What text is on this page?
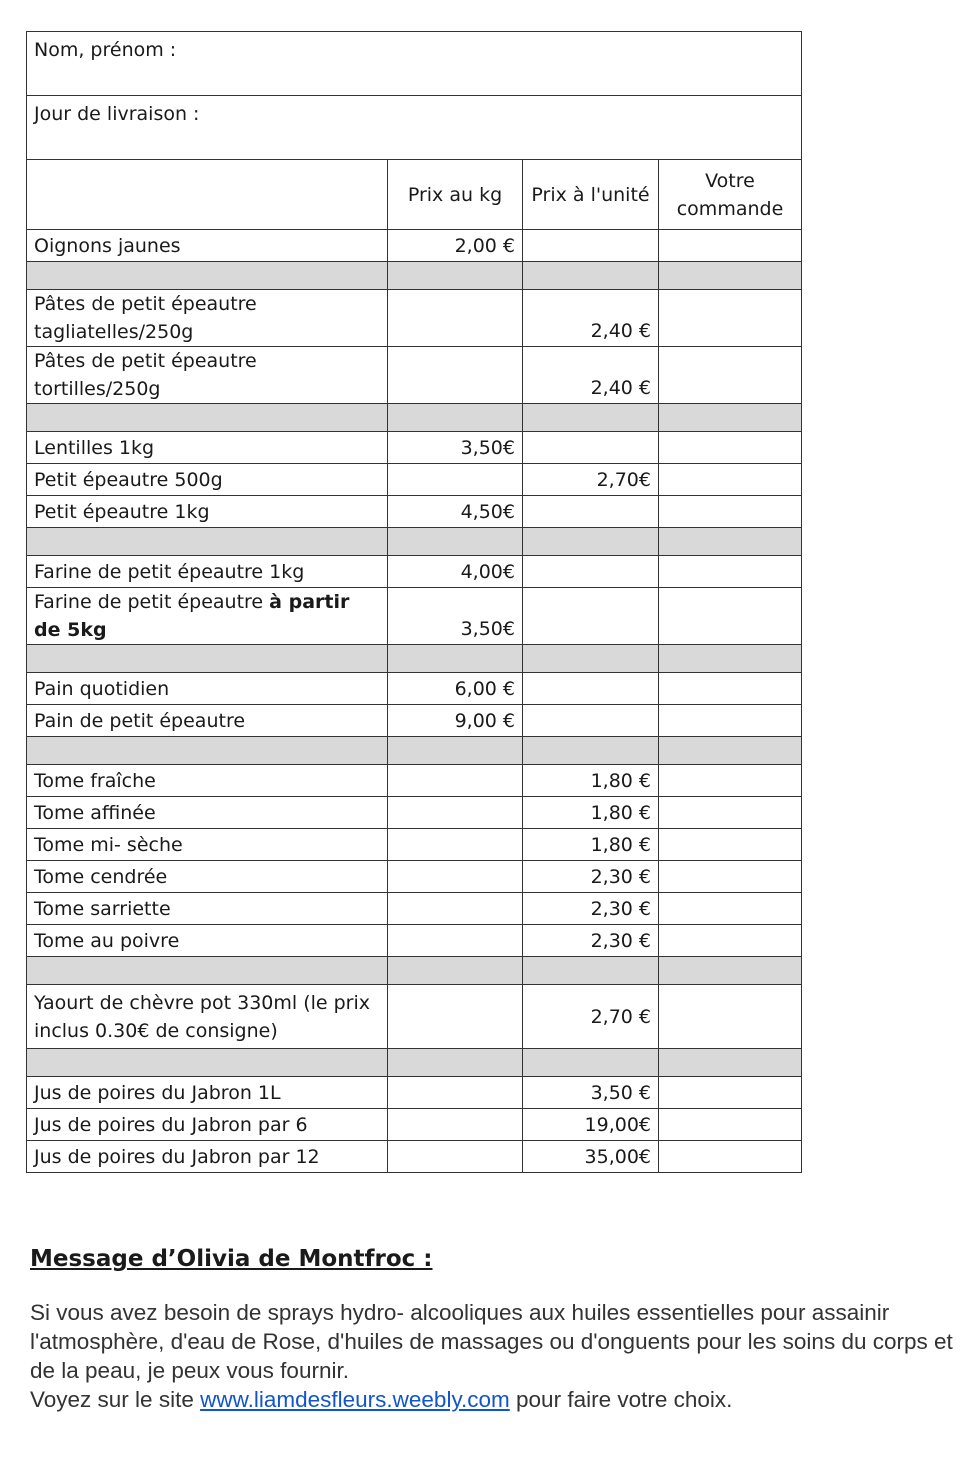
Nom, prénom :			
Jour de livraison :			
	Prix au kg	Prix à l'unité	Votre commande
Oignons jaunes	2,00 €		

Pâtes de petit épeautre tagliatelles/250g		2,40 €	
Pâtes de petit épeautre tortilles/250g		2,40 €	

Lentilles 1kg	3,50€		
Petit épeautre 500g		2,70€	
Petit épeautre 1kg	4,50€		

Farine de petit épeautre 1kg	4,00€		
Farine de petit épeautre à partir de 5kg	3,50€		

Pain quotidien	6,00 €		
Pain de petit épeautre	9,00 €		

Tome fraîche		1,80 €	
Tome affinée		1,80 €	
Tome mi- sèche		1,80 €	
Tome cendrée		2,30 €	
Tome sarriette		2,30 €	
Tome au poivre		2,30 €	

Yaourt de chèvre pot 330ml (le prix inclus 0.30€ de consigne)		2,70 €	

Jus de poires du Jabron 1L		3,50 €	
Jus de poires du Jabron par 6		19,00€	
Jus de poires du Jabron par 12		35,00€	

Message d’Olivia de Montfroc :

Si vous avez besoin de sprays hydro- alcooliques aux huiles essentielles pour assainir l'atmosphère, d'eau de Rose, d'huiles de massages ou d'onguents pour les soins du corps et de la peau, je peux vous fournir.
Voyez sur le site www.liamdesfleurs.weebly.com pour faire votre choix.
